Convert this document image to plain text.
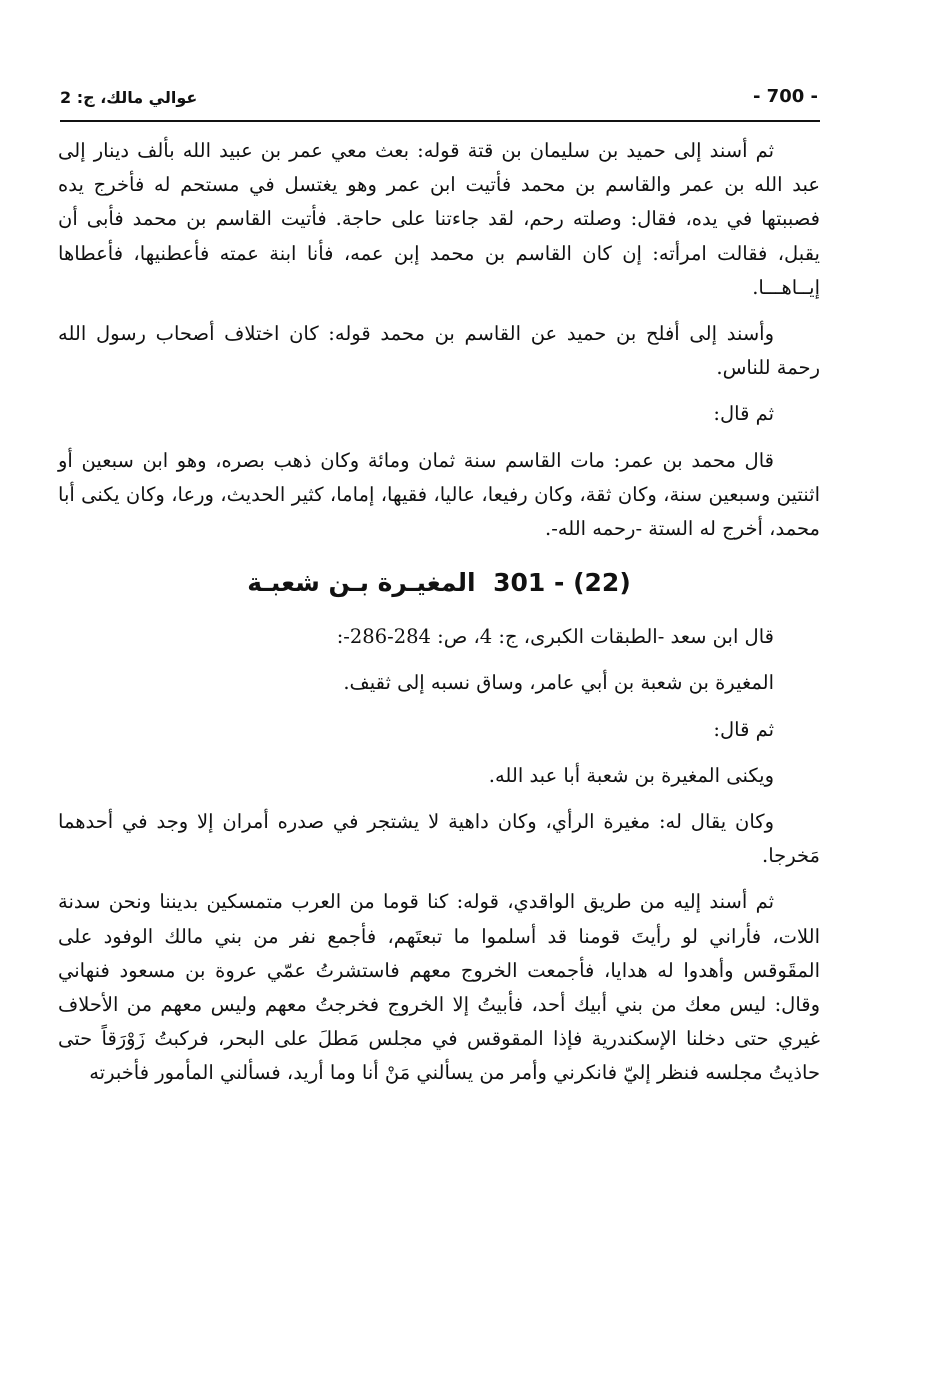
- 700 -
عوالي مالك، ج: 2

ثم أسند إلى حميد بن سليمان بن قتة قوله: بعث معي عمر بن عبيد الله بألف دينار إلى عبد الله بن عمر والقاسم بن محمد فأتيت ابن عمر وهو يغتسل في مستحم له فأخرج يده فصببتها في يده، فقال: وصلته رحم، لقد جاءتنا على حاجة. فأتيت القاسم بن محمد فأبى أن يقبل، فقالت امرأته: إن كان القاسم بن محمد إبن عمه، فأنا ابنة عمته فأعطنيها، فأعطاها إيــاهـــا.

وأسند إلى أفلح بن حميد عن القاسم بن محمد قوله: كان اختلاف أصحاب رسول الله رحمة للناس.

ثم قال:

قال محمد بن عمر: مات القاسم سنة ثمان ومائة وكان ذهب بصره، وهو ابن سبعين أو اثنتين وسبعين سنة، وكان ثقة، وكان رفيعا، عاليا، فقيها، إماما، كثير الحديث، ورعا، وكان يكنى أبا محمد، أخرج له الستة -رحمه الله-.

301 - (22) المغيـرة بـن شعبـة

قال ابن سعد -الطبقات الكبرى، ج: 4، ص: 284-286-:

المغيرة بن شعبة بن أبي عامر، وساق نسبه إلى ثقيف.

ثم قال:

ويكنى المغيرة بن شعبة أبا عبد الله.

وكان يقال له: مغيرة الرأي، وكان داهية لا يشتجر في صدره أمران إلا وجد في أحدهما مَخرجا.

ثم أسند إليه من طريق الواقدي، قوله: كنا قوما من العرب متمسكين بديننا ونحن سدنة اللات، فأراني لو رأيتَ قومنا قد أسلموا ما تبعتَهم، فأجمع نفر من بني مالك الوفود على المقَوقس وأهدوا له هدايا، فأجمعت الخروج معهم فاستشرتُ عمّي عروة بن مسعود فنهاني وقال: ليس معك من بني أبيك أحد، فأبيتُ إلا الخروج فخرجتُ معهم وليس معهم من الأحلاف غيري حتى دخلنا الإسكندرية فإذا المقوقس في مجلس مَطلَ على البحر، فركبتُ زَوْرَقاً حتى حاذيتُ مجلسه فنظر إليّ فانكرني وأمر من يسألني مَنْ أنا وما أريد، فسألني المأمور فأخبرته
